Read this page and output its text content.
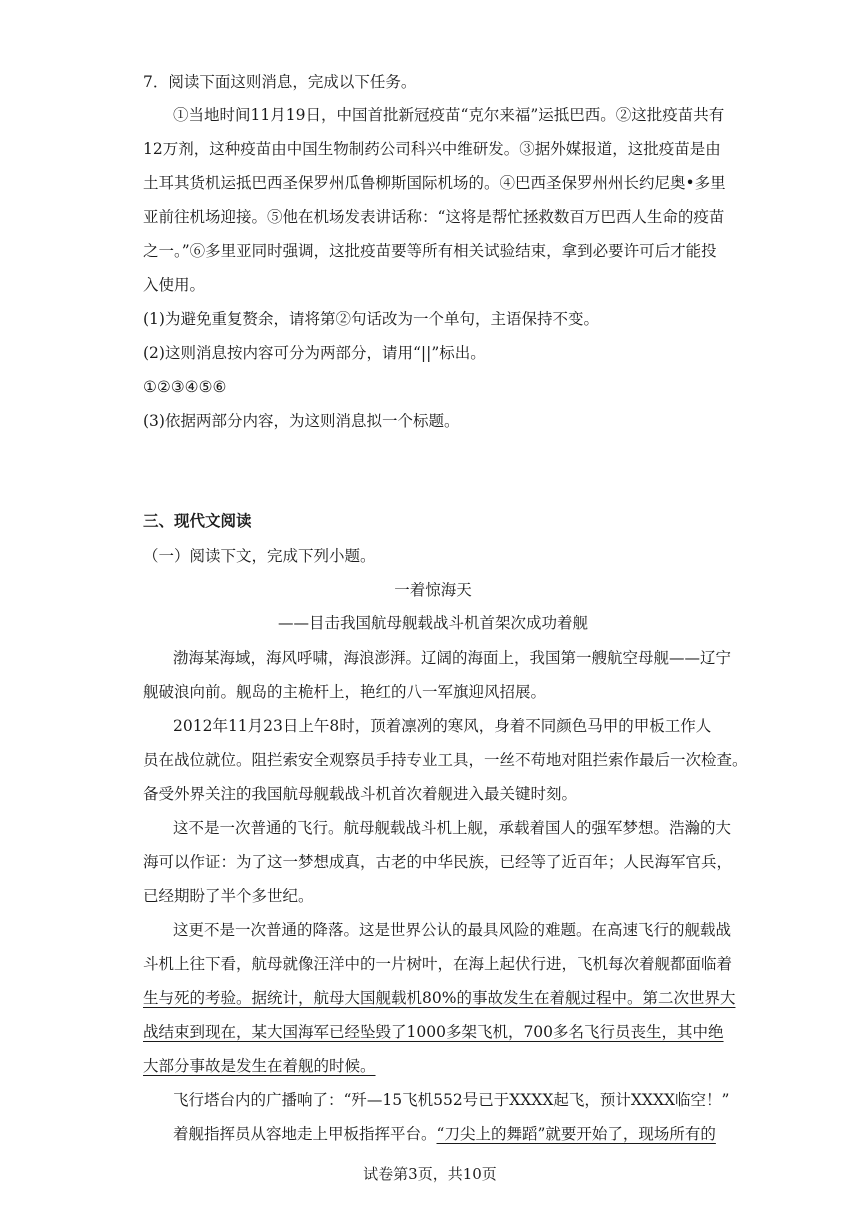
7．阅读下面这则消息，完成以下任务。
①当地时间11月19日，中国首批新冠疫苗“克尔来福”运抵巴西。②这批疫苗共有
12万剂，这种疫苗由中国生物制药公司科兴中维研发。③据外媒报道，这批疫苗是由
土耳其货机运抵巴西圣保罗州瓜鲁柳斯国际机场的。④巴西圣保罗州州长约尼奥•多里
亚前往机场迎接。⑤他在机场发表讲话称：“这将是帮忙拯救数百万巴西人生命的疫苗
之一。”⑥多里亚同时强调，这批疫苗要等所有相关试验结束，拿到必要许可后才能投
入使用。
(1)为避免重复赘余，请将第②句话改为一个单句，主语保持不变。
(2)这则消息按内容可分为两部分，请用“||”标出。
①②③④⑤⑥
(3)依据两部分内容，为这则消息拟一个标题。
三、现代文阅读
（一）阅读下文，完成下列小题。
一着惊海天
——目击我国航母舰载战斗机首架次成功着舰
渤海某海域，海风呼啸，海浪澎湃。辽阔的海面上，我国第一艘航空母舰——辽宁
舰破浪向前。舰岛的主桅杆上，艳红的八一军旗迎风招展。
2012年11月23日上午8时，顶着凛冽的寒风，身着不同颜色马甲的甲板工作人
员在战位就位。阻拦索安全观察员手持专业工具，一丝不苟地对阻拦索作最后一次检查。
备受外界关注的我国航母舰载战斗机首次着舰进入最关键时刻。
这不是一次普通的飞行。航母舰载战斗机上舰，承载着国人的强军梦想。浩瀚的大
海可以作证：为了这一梦想成真，古老的中华民族，已经等了近百年；人民海军官兵，
已经期盼了半个多世纪。
这更不是一次普通的降落。这是世界公认的最具风险的难题。在高速飞行的舰载战
斗机上往下看，航母就像汪洋中的一片树叶，在海上起伏行进，飞机每次着舰都面临着
生与死的考验。据统计，航母大国舰载机80%的事故发生在着舰过程中。第二次世界大
战结束到现在，某大国海军已经坠毁了1000多架飞机，700多名飞行员丧生，其中绝
大部分事故是发生在着舰的时候。
飞行塔台内的广播响了：“歼—15飞机552号已于XXXX起飞，预计XXXX临空！”
着舰指挥员从容地走上甲板指挥平台。“刀尖上的舞蹈”就要开始了，现场所有的
试卷第3页，共10页
